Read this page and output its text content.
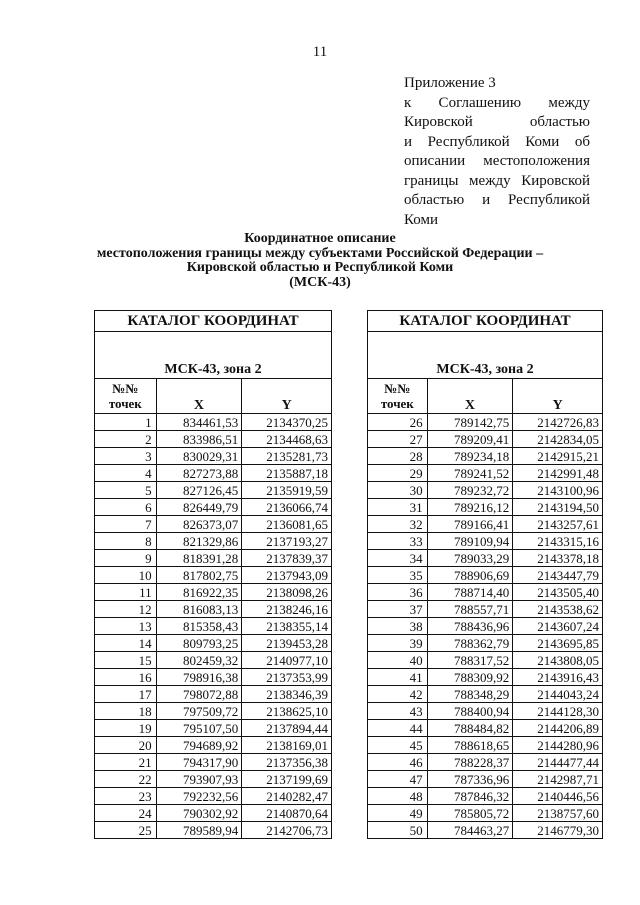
11
Приложение 3
к Соглашению между
Кировской областью
и Республикой Коми об
описании местоположения
границы между Кировской
областью и Республикой
Коми
Координатное описание
местоположения границы между субъектами Российской Федерации –
Кировской областью и Республикой Коми
(МСК-43)
КАТАЛОГ КООРДИНАТ		
МСК-43, зона 2		

№№
точек	X	Y
1	834461,53	2134370,25
2	833986,51	2134468,63
3	830029,31	2135281,73
4	827273,88	2135887,18
5	827126,45	2135919,59
6	826449,79	2136066,74
7	826373,07	2136081,65
8	821329,86	2137193,27
9	818391,28	2137839,37
10	817802,75	2137943,09
11	816922,35	2138098,26
12	816083,13	2138246,16
13	815358,43	2138355,14
14	809793,25	2139453,28
15	802459,32	2140977,10
16	798916,38	2137353,99
17	798072,88	2138346,39
18	797509,72	2138625,10
19	795107,50	2137894,44
20	794689,92	2138169,01
21	794317,90	2137356,38
22	793907,93	2137199,69
23	792232,56	2140282,47
24	790302,92	2140870,64
25	789589,94	2142706,73
КАТАЛОГ КООРДИНАТ		
МСК-43, зона 2		

№№
точек	X	Y
26	789142,75	2142726,83
27	789209,41	2142834,05
28	789234,18	2142915,21
29	789241,52	2142991,48
30	789232,72	2143100,96
31	789216,12	2143194,50
32	789166,41	2143257,61
33	789109,94	2143315,16
34	789033,29	2143378,18
35	788906,69	2143447,79
36	788714,40	2143505,40
37	788557,71	2143538,62
38	788436,96	2143607,24
39	788362,79	2143695,85
40	788317,52	2143808,05
41	788309,92	2143916,43
42	788348,29	2144043,24
43	788400,94	2144128,30
44	788484,82	2144206,89
45	788618,65	2144280,96
46	788228,37	2144477,44
47	787336,96	2142987,71
48	787846,32	2140446,56
49	785805,72	2138757,60
50	784463,27	2146779,30
